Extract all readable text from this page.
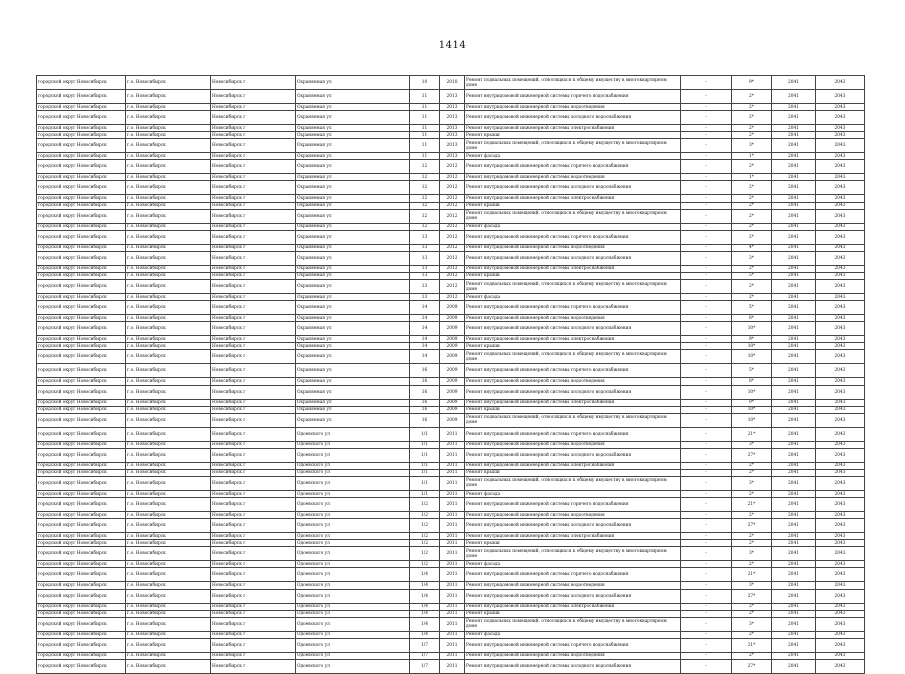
1414
городской округ Новосибирск	г.о. Новосибирск	Новосибирск г	Охраняемая ул	10	2010	Ремонт подвальных помещений, относящихся к общему имуществу в многоквартирном доме	-	9*	2041	2043
городской округ Новосибирск	г.о. Новосибирск	Новосибирск г	Охраняемая ул	11	2013	Ремонт внутридомовой инженерной системы горячего водоснабжения	-	2*	2041	2043
городской округ Новосибирск	г.о. Новосибирск	Новосибирск г	Охраняемая ул	11	2013	Ремонт внутридомовой инженерной системы водоотведения	-	2*	2041	2043
городской округ Новосибирск	г.о. Новосибирск	Новосибирск г	Охраняемая ул	11	2013	Ремонт внутридомовой инженерной системы холодного водоснабжения	-	2*	2041	2043
городской округ Новосибирск	г.о. Новосибирск	Новосибирск г	Охраняемая ул	11	2013	Ремонт внутридомовой инженерной системы электроснабжения	-	2*	2041	2043
городской округ Новосибирск	г.о. Новосибирск	Новосибирск г	Охраняемая ул	11	2013	Ремонт крыши	-	2*	2041	2043
городской округ Новосибирск	г.о. Новосибирск	Новосибирск г	Охраняемая ул	11	2013	Ремонт подвальных помещений, относящихся к общему имуществу в многоквартирном доме	-	3*	2041	2043
городской округ Новосибирск	г.о. Новосибирск	Новосибирск г	Охраняемая ул	11	2013	Ремонт фасада	-	1*	2041	2043
городской округ Новосибирск	г.о. Новосибирск	Новосибирск г	Охраняемая ул	12	2012	Ремонт внутридомовой инженерной системы горячего водоснабжения	-	2*	2041	2043
городской округ Новосибирск	г.о. Новосибирск	Новосибирск г	Охраняемая ул	12	2012	Ремонт внутридомовой инженерной системы водоотведения	-	1*	2041	2043
городской округ Новосибирск	г.о. Новосибирск	Новосибирск г	Охраняемая ул	12	2012	Ремонт внутридомовой инженерной системы холодного водоснабжения	-	2*	2041	2043
городской округ Новосибирск	г.о. Новосибирск	Новосибирск г	Охраняемая ул	12	2012	Ремонт внутридомовой инженерной системы электроснабжения	-	2*	2041	2043
городской округ Новосибирск	г.о. Новосибирск	Новосибирск г	Охраняемая ул	12	2012	Ремонт крыши	-	2*	2041	2043
городской округ Новосибирск	г.о. Новосибирск	Новосибирск г	Охраняемая ул	12	2012	Ремонт подвальных помещений, относящихся к общему имуществу в многоквартирном доме	-	2*	2041	2043
городской округ Новосибирск	г.о. Новосибирск	Новосибирск г	Охраняемая ул	12	2012	Ремонт фасада	-	2*	2041	2043
городской округ Новосибирск	г.о. Новосибирск	Новосибирск г	Охраняемая ул	13	2012	Ремонт внутридомовой инженерной системы горячего водоснабжения	-	2*	2041	2043
городской округ Новосибирск	г.о. Новосибирск	Новосибирск г	Охраняемая ул	13	2012	Ремонт внутридомовой инженерной системы водоотведения	-	4*	2041	2043
городской округ Новосибирск	г.о. Новосибирск	Новосибирск г	Охраняемая ул	13	2012	Ремонт внутридомовой инженерной системы холодного водоснабжения	-	3*	2041	2043
городской округ Новосибирск	г.о. Новосибирск	Новосибирск г	Охраняемая ул	13	2012	Ремонт внутридомовой инженерной системы электроснабжения	-	2*	2041	2043
городской округ Новосибирск	г.о. Новосибирск	Новосибирск г	Охраняемая ул	13	2012	Ремонт крыши	-	5*	2041	2043
городской округ Новосибирск	г.о. Новосибирск	Новосибирск г	Охраняемая ул	13	2012	Ремонт подвальных помещений, относящихся к общему имуществу в многоквартирном доме	-	2*	2041	2043
городской округ Новосибирск	г.о. Новосибирск	Новосибирск г	Охраняемая ул	13	2012	Ремонт фасада	-	2*	2041	2043
городской округ Новосибирск	г.о. Новосибирск	Новосибирск г	Охраняемая ул	14	2009	Ремонт внутридомовой инженерной системы горячего водоснабжения	-	5*	2041	2043
городской округ Новосибирск	г.о. Новосибирск	Новосибирск г	Охраняемая ул	14	2009	Ремонт внутридомовой инженерной системы водоотведения	-	8*	2041	2043
городской округ Новосибирск	г.о. Новосибирск	Новосибирск г	Охраняемая ул	14	2009	Ремонт внутридомовой инженерной системы холодного водоснабжения	-	10*	2041	2043
городской округ Новосибирск	г.о. Новосибирск	Новосибирск г	Охраняемая ул	14	2009	Ремонт внутридомовой инженерной системы электроснабжения	-	9*	2041	2043
городской округ Новосибирск	г.о. Новосибирск	Новосибирск г	Охраняемая ул	14	2009	Ремонт крыши	-	10*	2041	2043
городской округ Новосибирск	г.о. Новосибирск	Новосибирск г	Охраняемая ул	14	2009	Ремонт подвальных помещений, относящихся к общему имуществу в многоквартирном доме	-	10*	2041	2043
городской округ Новосибирск	г.о. Новосибирск	Новосибирск г	Охраняемая ул	16	2009	Ремонт внутридомовой инженерной системы горячего водоснабжения	-	5*	2041	2043
городской округ Новосибирск	г.о. Новосибирск	Новосибирск г	Охраняемая ул	16	2009	Ремонт внутридомовой инженерной системы водоотведения	-	8*	2041	2043
городской округ Новосибирск	г.о. Новосибирск	Новосибирск г	Охраняемая ул	16	2009	Ремонт внутридомовой инженерной системы холодного водоснабжения	-	10*	2041	2043
городской округ Новосибирск	г.о. Новосибирск	Новосибирск г	Охраняемая ул	16	2009	Ремонт внутридомовой инженерной системы электроснабжения	-	9*	2041	2043
городской округ Новосибирск	г.о. Новосибирск	Новосибирск г	Охраняемая ул	16	2009	Ремонт крыши	-	10*	2041	2043
городской округ Новосибирск	г.о. Новосибирск	Новосибирск г	Охраняемая ул	16	2009	Ремонт подвальных помещений, относящихся к общему имуществу в многоквартирном доме	-	10*	2041	2043
городской округ Новосибирск	г.о. Новосибирск	Новосибирск г	Одоевского ул	1/1	2011	Ремонт внутридомовой инженерной системы горячего водоснабжения	-	21*	2041	2043
городской округ Новосибирск	г.о. Новосибирск	Новосибирск г	Одоевского ул	1/1	2011	Ремонт внутридомовой инженерной системы водоотведения	-	3*	2041	2043
городской округ Новосибирск	г.о. Новосибирск	Новосибирск г	Одоевского ул	1/1	2011	Ремонт внутридомовой инженерной системы холодного водоснабжения	-	27*	2041	2043
городской округ Новосибирск	г.о. Новосибирск	Новосибирск г	Одоевского ул	1/1	2011	Ремонт внутридомовой инженерной системы электроснабжения	-	2*	2041	2043
городской округ Новосибирск	г.о. Новосибирск	Новосибирск г	Одоевского ул	1/1	2011	Ремонт крыши	-	2*	2041	2043
городской округ Новосибирск	г.о. Новосибирск	Новосибирск г	Одоевского ул	1/1	2011	Ремонт подвальных помещений, относящихся к общему имуществу в многоквартирном доме	-	3*	2041	2043
городской округ Новосибирск	г.о. Новосибирск	Новосибирск г	Одоевского ул	1/1	2011	Ремонт фасада	-	2*	2041	2043
городской округ Новосибирск	г.о. Новосибирск	Новосибирск г	Одоевского ул	1/2	2011	Ремонт внутридомовой инженерной системы горячего водоснабжения	-	21*	2041	2043
городской округ Новосибирск	г.о. Новосибирск	Новосибирск г	Одоевского ул	1/2	2011	Ремонт внутридомовой инженерной системы водоотведения	-	2*	2041	2043
городской округ Новосибирск	г.о. Новосибирск	Новосибирск г	Одоевского ул	1/2	2011	Ремонт внутридомовой инженерной системы холодного водоснабжения	-	27*	2041	2043
городской округ Новосибирск	г.о. Новосибирск	Новосибирск г	Одоевского ул	1/2	2011	Ремонт внутридомовой инженерной системы электроснабжения	-	2*	2041	2043
городской округ Новосибирск	г.о. Новосибирск	Новосибирск г	Одоевского ул	1/2	2011	Ремонт крыши	-	2*	2041	2043
городской округ Новосибирск	г.о. Новосибирск	Новосибирск г	Одоевского ул	1/2	2011	Ремонт подвальных помещений, относящихся к общему имуществу в многоквартирном доме	-	3*	2041	2043
городской округ Новосибирск	г.о. Новосибирск	Новосибирск г	Одоевского ул	1/2	2011	Ремонт фасада	-	2*	2041	2043
городской округ Новосибирск	г.о. Новосибирск	Новосибирск г	Одоевского ул	1/4	2011	Ремонт внутридомовой инженерной системы горячего водоснабжения	-	21*	2041	2043
городской округ Новосибирск	г.о. Новосибирск	Новосибирск г	Одоевского ул	1/4	2011	Ремонт внутридомовой инженерной системы водоотведения	-	3*	2041	2043
городской округ Новосибирск	г.о. Новосибирск	Новосибирск г	Одоевского ул	1/4	2011	Ремонт внутридомовой инженерной системы холодного водоснабжения	-	27*	2041	2043
городской округ Новосибирск	г.о. Новосибирск	Новосибирск г	Одоевского ул	1/4	2011	Ремонт внутридомовой инженерной системы электроснабжения	-	2*	2041	2043
городской округ Новосибирск	г.о. Новосибирск	Новосибирск г	Одоевского ул	1/4	2011	Ремонт крыши	-	2*	2041	2043
городской округ Новосибирск	г.о. Новосибирск	Новосибирск г	Одоевского ул	1/4	2011	Ремонт подвальных помещений, относящихся к общему имуществу в многоквартирном доме	-	3*	2041	2043
городской округ Новосибирск	г.о. Новосибирск	Новосибирск г	Одоевского ул	1/4	2011	Ремонт фасада	-	2*	2041	2043
городской округ Новосибирск	г.о. Новосибирск	Новосибирск г	Одоевского ул	1/7	2011	Ремонт внутридомовой инженерной системы горячего водоснабжения	-	21*	2041	2043
городской округ Новосибирск	г.о. Новосибирск	Новосибирск г	Одоевского ул	1/7	2011	Ремонт внутридомовой инженерной системы водоотведения	-	2*	2041	2043
городской округ Новосибирск	г.о. Новосибирск	Новосибирск г	Одоевского ул	1/7	2011	Ремонт внутридомовой инженерной системы холодного водоснабжения	-	27*	2041	2043
